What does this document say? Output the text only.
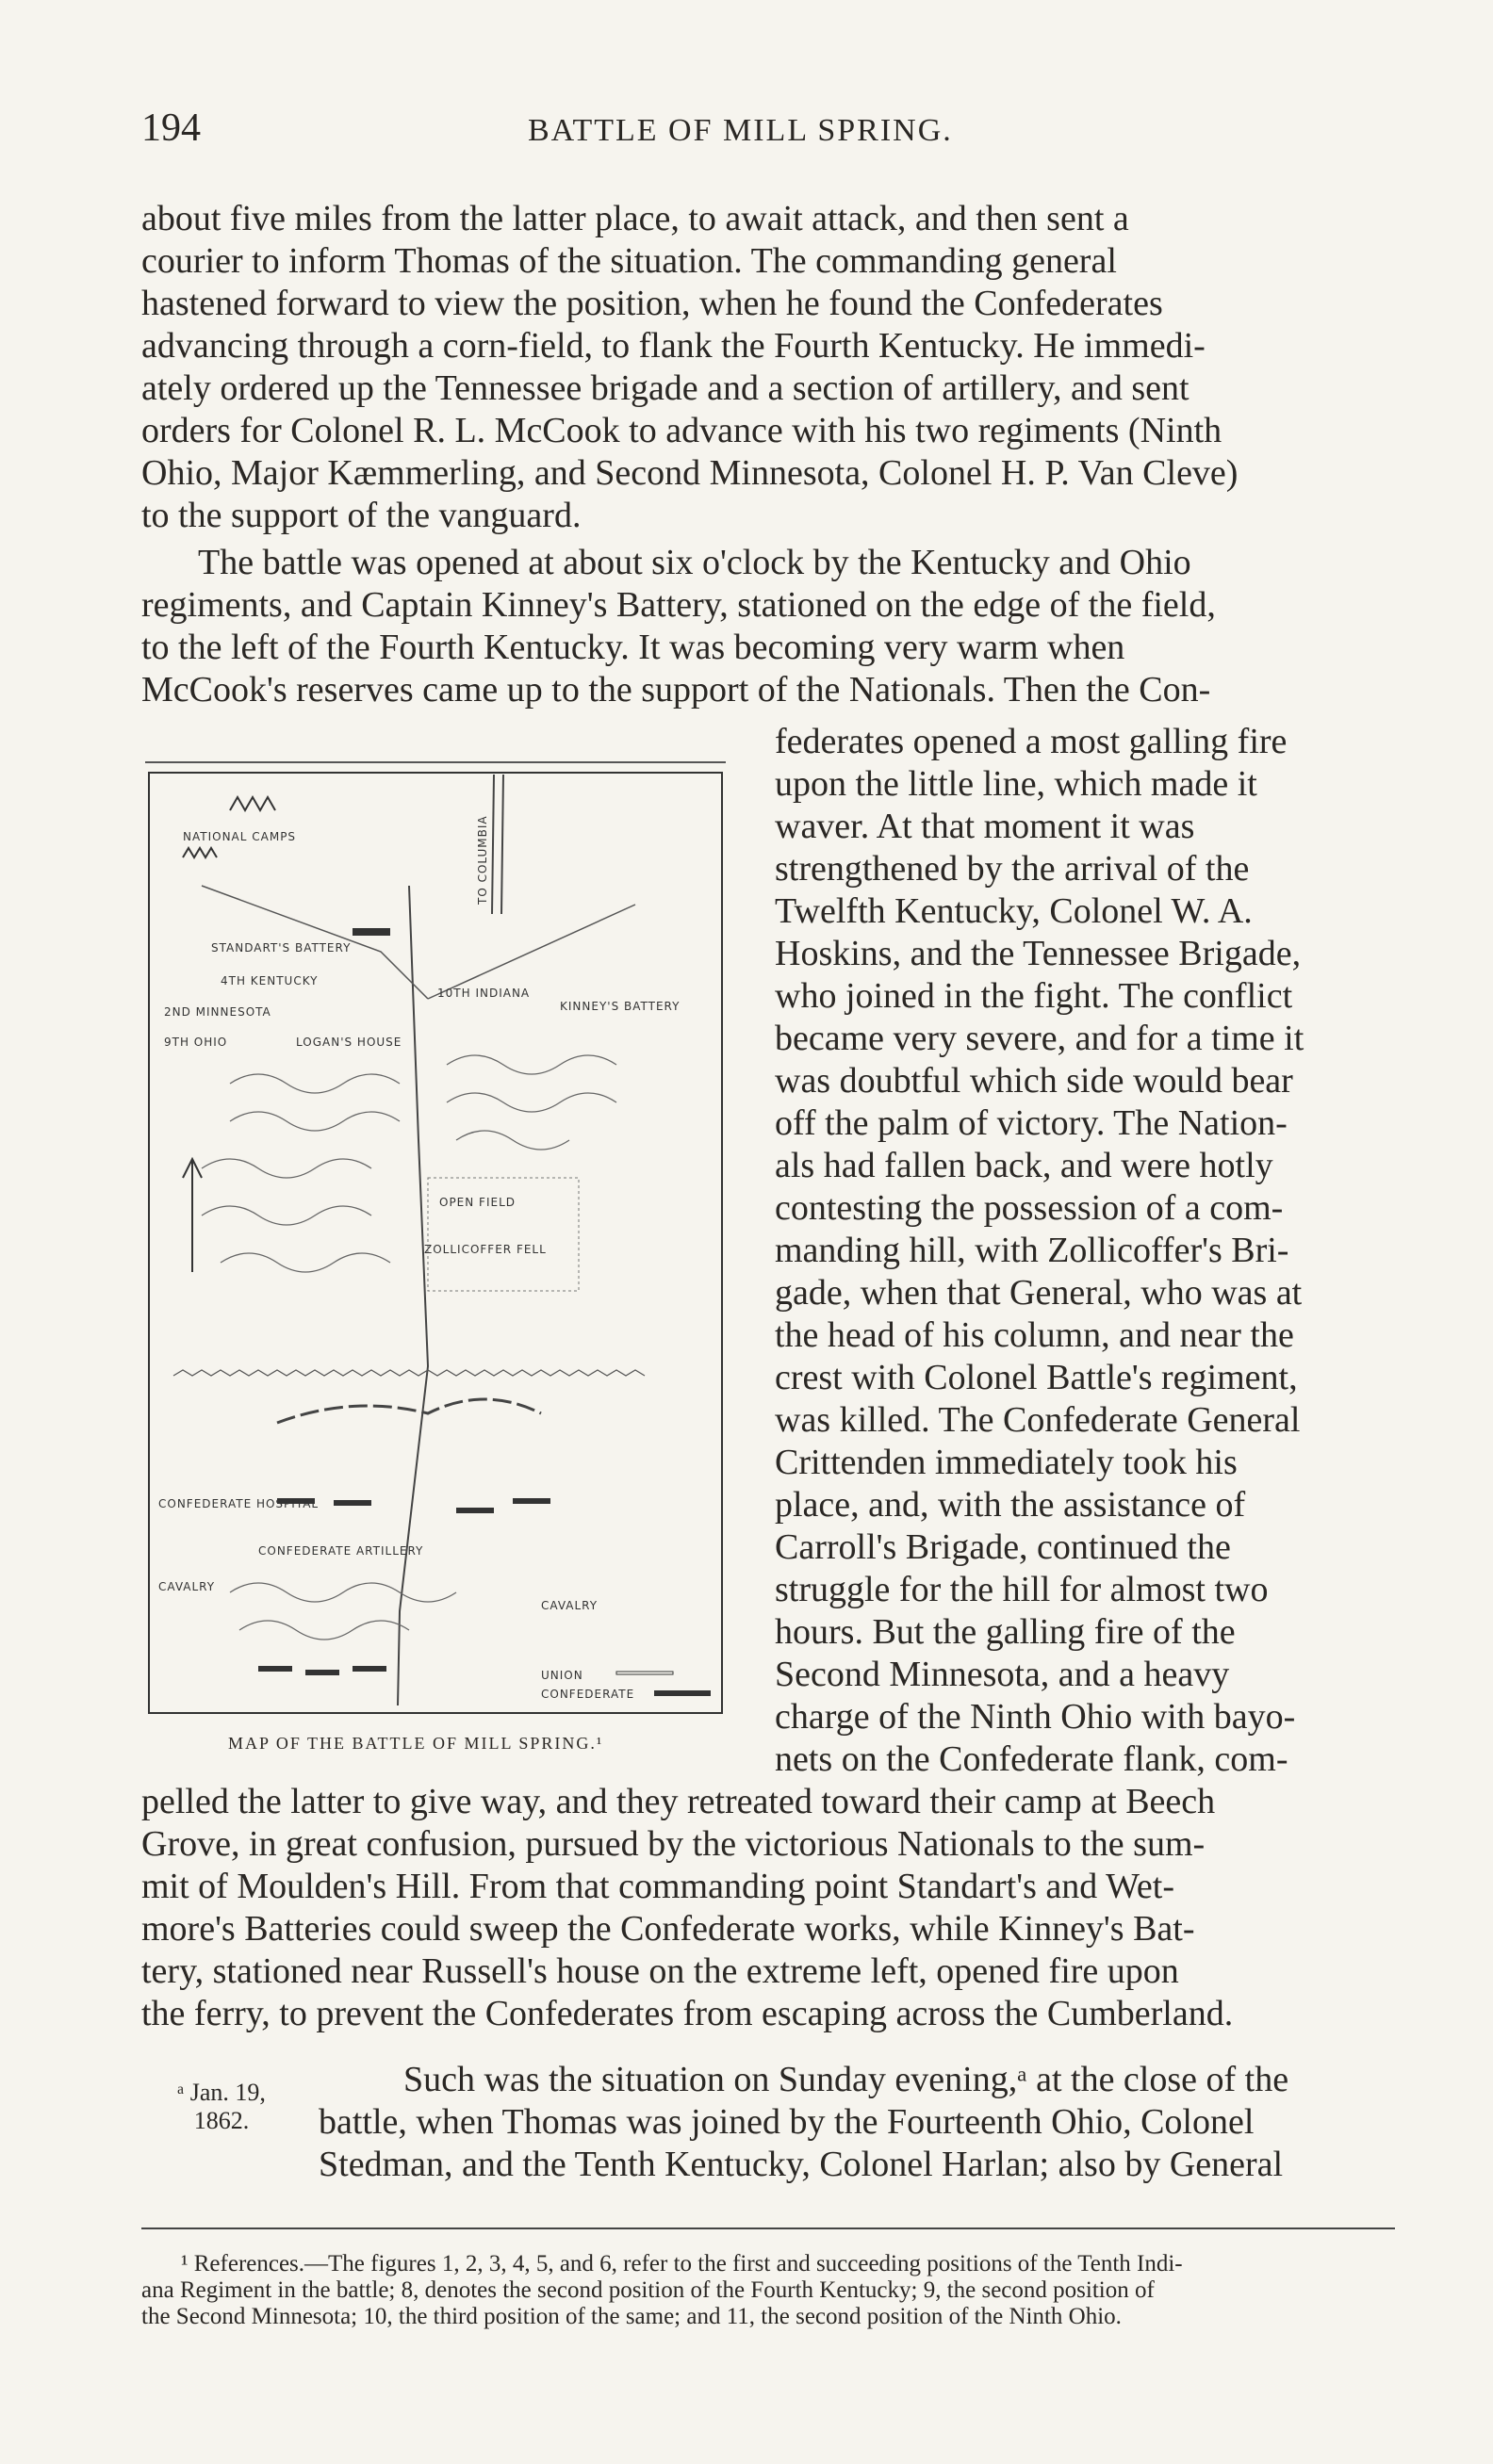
194	BATTLE OF MILL SPRING.
about five miles from the latter place, to await attack, and then sent a
courier to inform Thomas of the situation. The commanding general
hastened forward to view the position, when he found the Confederates
advancing through a corn-field, to flank the Fourth Kentucky. He immedi-
ately ordered up the Tennessee brigade and a section of artillery, and sent
orders for Colonel R. L. McCook to advance with his two regiments (Ninth
Ohio, Major Kæmmerling, and Second Minnesota, Colonel H. P. Van Cleve)
to the support of the vanguard.
The battle was opened at about six o'clock by the Kentucky and Ohio
regiments, and Captain Kinney's Battery, stationed on the edge of the field,
to the left of the Fourth Kentucky. It was becoming very warm when
McCook's reserves came up to the support of the Nationals. Then the Con-
federates opened a most galling fire
upon the little line, which made it
waver. At that moment it was
strengthened by the arrival of the
Twelfth Kentucky, Colonel W. A.
Hoskins, and the Tennessee Brigade,
who joined in the fight. The conflict
became very severe, and for a time it
was doubtful which side would bear
off the palm of victory. The Nation-
als had fallen back, and were hotly
contesting the possession of a com-
manding hill, with Zollicoffer's Bri-
gade, when that General, who was at
the head of his column, and near the
crest with Colonel Battle's regiment,
was killed. The Confederate General
Crittenden immediately took his
place, and, with the assistance of
Carroll's Brigade, continued the
struggle for the hill for almost two
hours. But the galling fire of the
Second Minnesota, and a heavy
charge of the Ninth Ohio with bayo-
nets on the Confederate flank, com-
TO COLUMBIA
NATIONAL CAMPS
STANDART'S BATTERY
4TH KENTUCKY
2ND MINNESOTA
9TH OHIO	LOGAN'S HOUSE
10TH INDIANA
KINNEY'S BATTERY
OPEN FIELD
ZOLLICOFFER FELL
CONFEDERATE HOSPITAL
CONFEDERATE ARTILLERY
CAVALRY
CAVALRY
UNION
CONFEDERATE
MAP OF THE BATTLE OF MILL SPRING.¹
pelled the latter to give way, and they retreated toward their camp at Beech
Grove, in great confusion, pursued by the victorious Nationals to the sum-
mit of Moulden's Hill. From that commanding point Standart's and Wet-
more's Batteries could sweep the Confederate works, while Kinney's Bat-
tery, stationed near Russell's house on the extreme left, opened fire upon
the ferry, to prevent the Confederates from escaping across the Cumberland.
Such was the situation on Sunday evening,ᵃ at the close of the
battle, when Thomas was joined by the Fourteenth Ohio, Colonel
Stedman, and the Tenth Kentucky, Colonel Harlan; also by General
ᵃ Jan. 19,
1862.
¹ References.—The figures 1, 2, 3, 4, 5, and 6, refer to the first and succeeding positions of the Tenth Indi-
ana Regiment in the battle; 8, denotes the second position of the Fourth Kentucky; 9, the second position of
the Second Minnesota; 10, the third position of the same; and 11, the second position of the Ninth Ohio.
